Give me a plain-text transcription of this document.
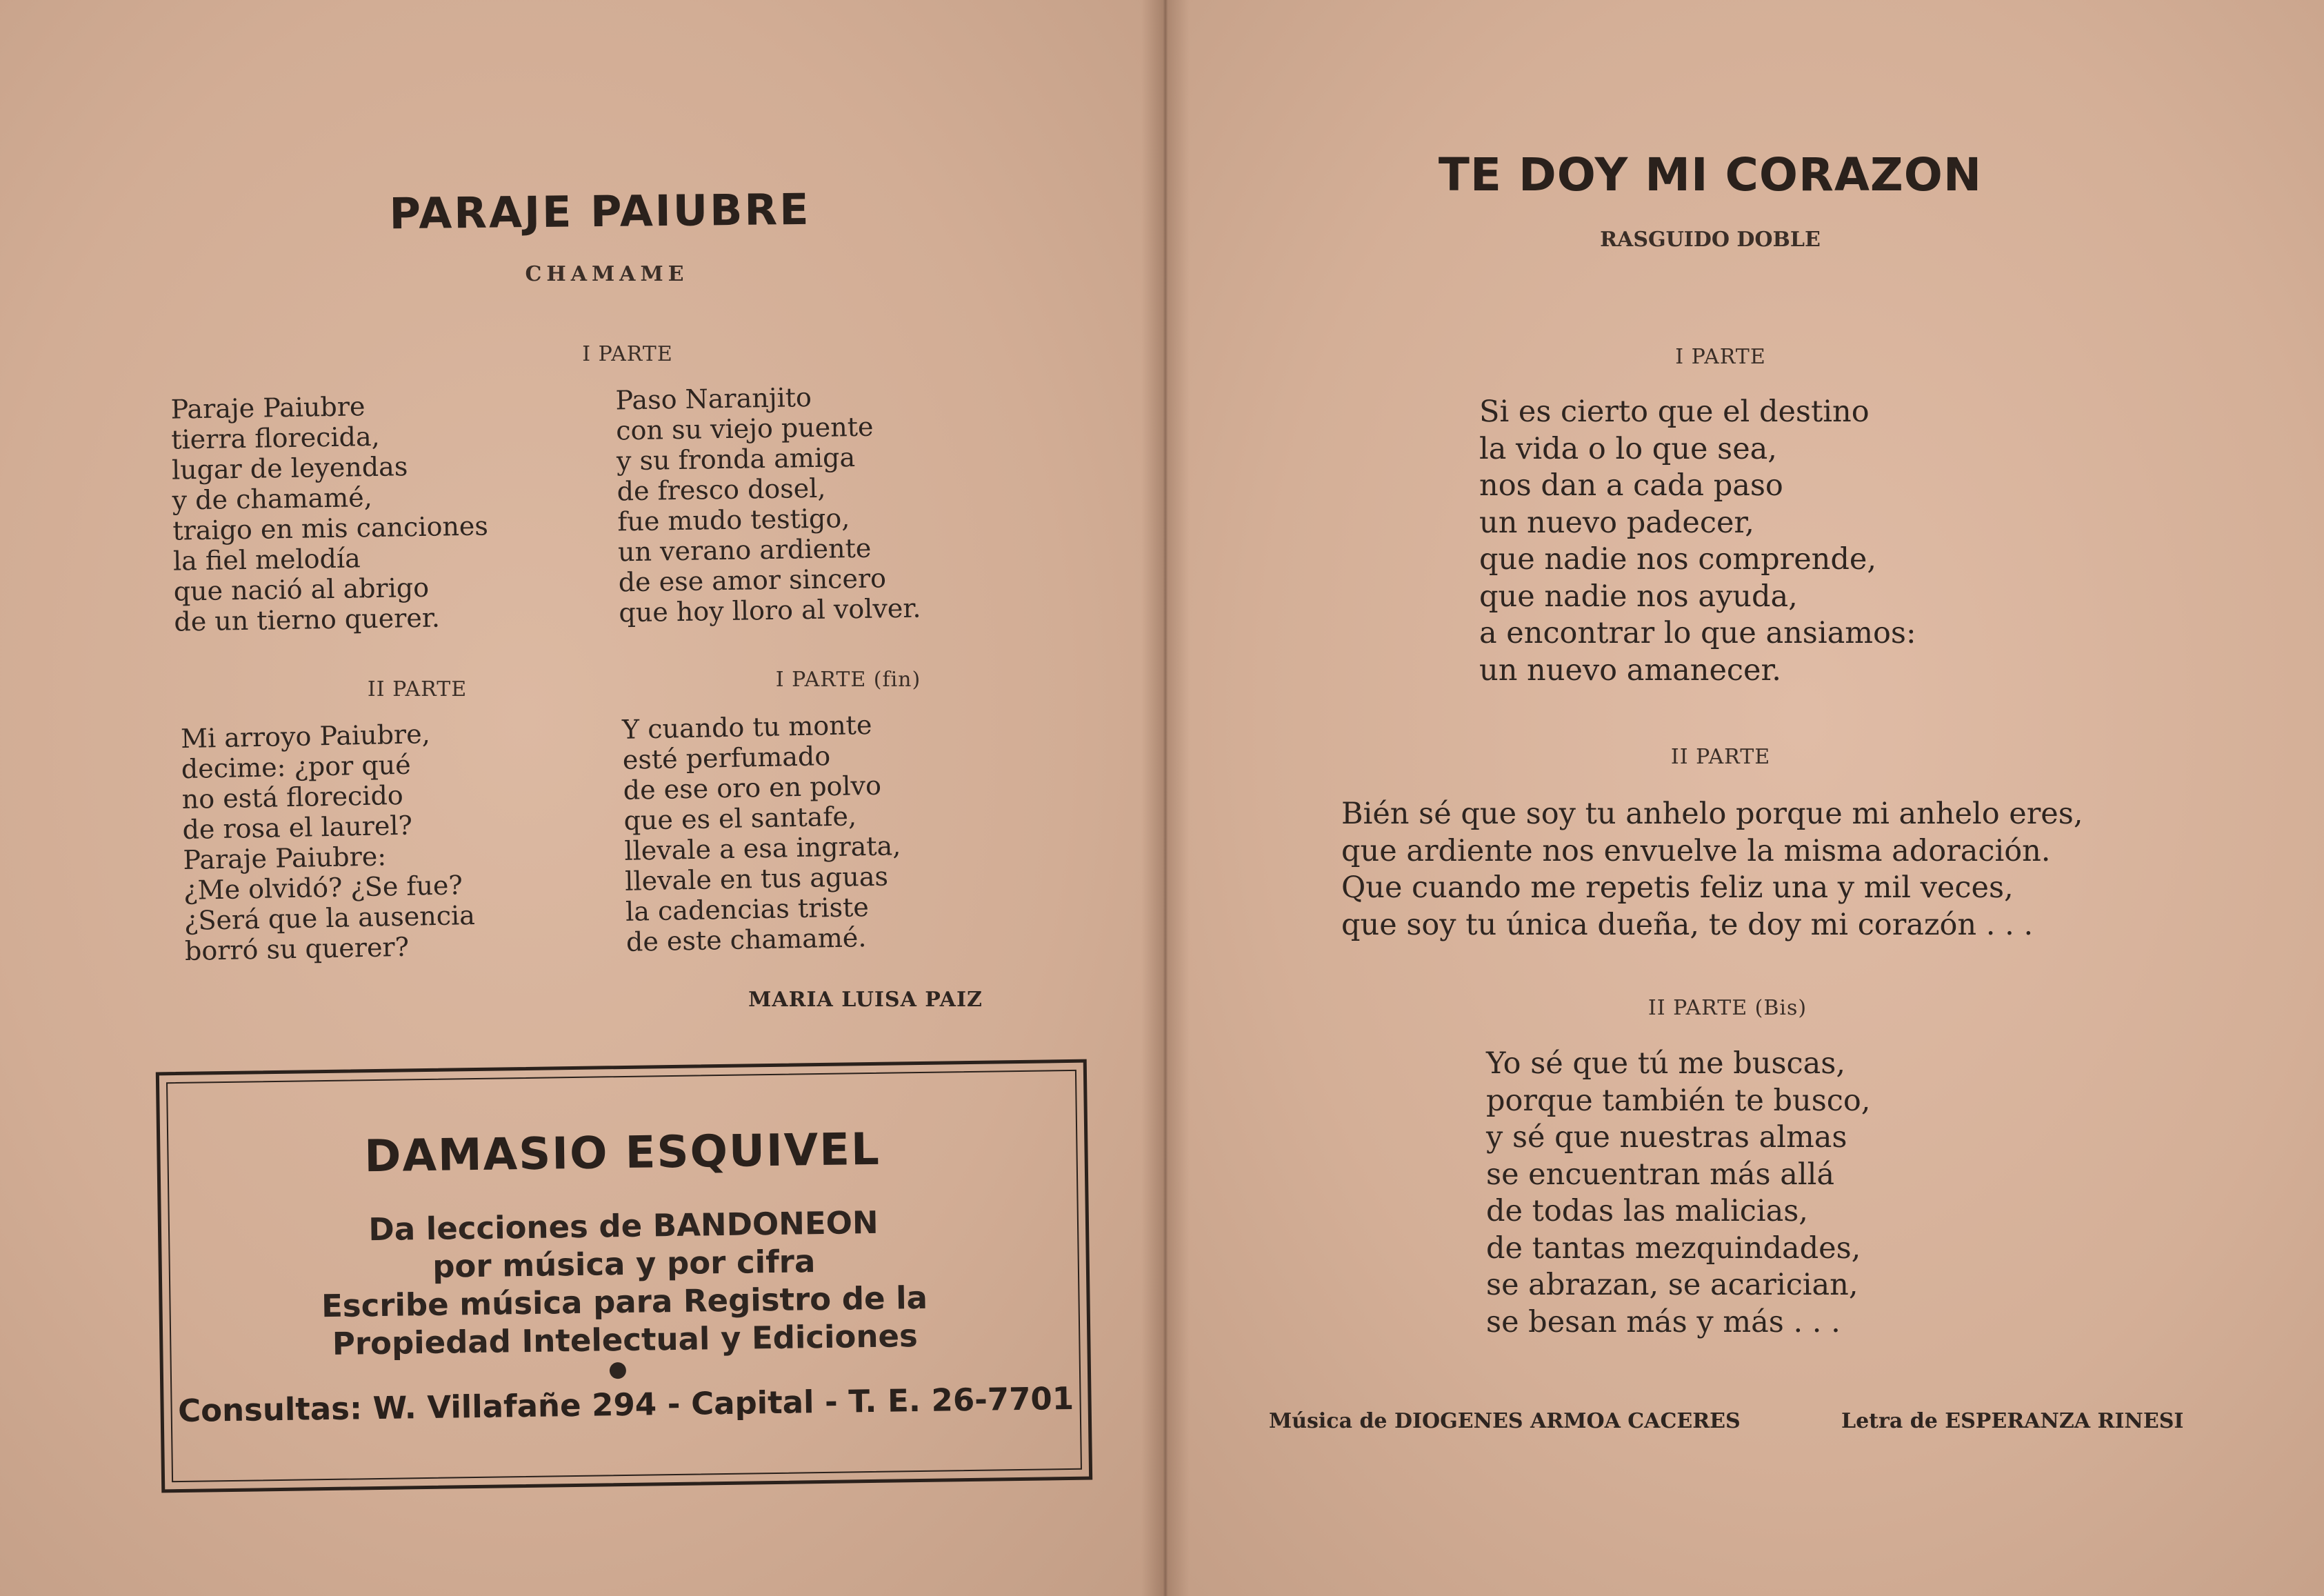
PARAJE PAIUBRE
CHAMAME
I PARTE
Paraje Paiubre
tierra florecida,
lugar de leyendas
y de chamamé,
traigo en mis canciones
la fiel melodía
que nació al abrigo
de un tierno querer.
Paso Naranjito
con su viejo puente
y su fronda amiga
de fresco dosel,
fue mudo testigo,
un verano ardiente
de ese amor sincero
que hoy lloro al volver.
II PARTE	I PARTE (fin)
Mi arroyo Paiubre,
decime: ¿por qué
no está florecido
de rosa el laurel?
Paraje Paiubre:
¿Me olvidó? ¿Se fue?
¿Será que la ausencia
borró su querer?
Y cuando tu monte
esté perfumado
de ese oro en polvo
que es el santafe,
llevale a esa ingrata,
llevale en tus aguas
la cadencias triste
de este chamamé.
MARIA LUISA PAIZ
DAMASIO ESQUIVEL
Da lecciones de BANDONEON
por música y por cifra
Escribe música para Registro de la
Propiedad Intelectual y Ediciones
Consultas: W. Villafañe 294 - Capital - T. E. 26-7701
TE DOY MI CORAZON
RASGUIDO DOBLE
I PARTE
Si es cierto que el destino
la vida o lo que sea,
nos dan a cada paso
un nuevo padecer,
que nadie nos comprende,
que nadie nos ayuda,
a encontrar lo que ansiamos:
un nuevo amanecer.
II PARTE
Bién sé que soy tu anhelo porque mi anhelo eres,
que ardiente nos envuelve la misma adoración.
Que cuando me repetis feliz una y mil veces,
que soy tu única dueña, te doy mi corazón . . .
II PARTE (Bis)
Yo sé que tú me buscas,
porque también te busco,
y sé que nuestras almas
se encuentran más allá
de todas las malicias,
de tantas mezquindades,
se abrazan, se acarician,
se besan más y más . . .
Música de DIOGENES ARMOA CACERES	Letra de ESPERANZA RINESI
